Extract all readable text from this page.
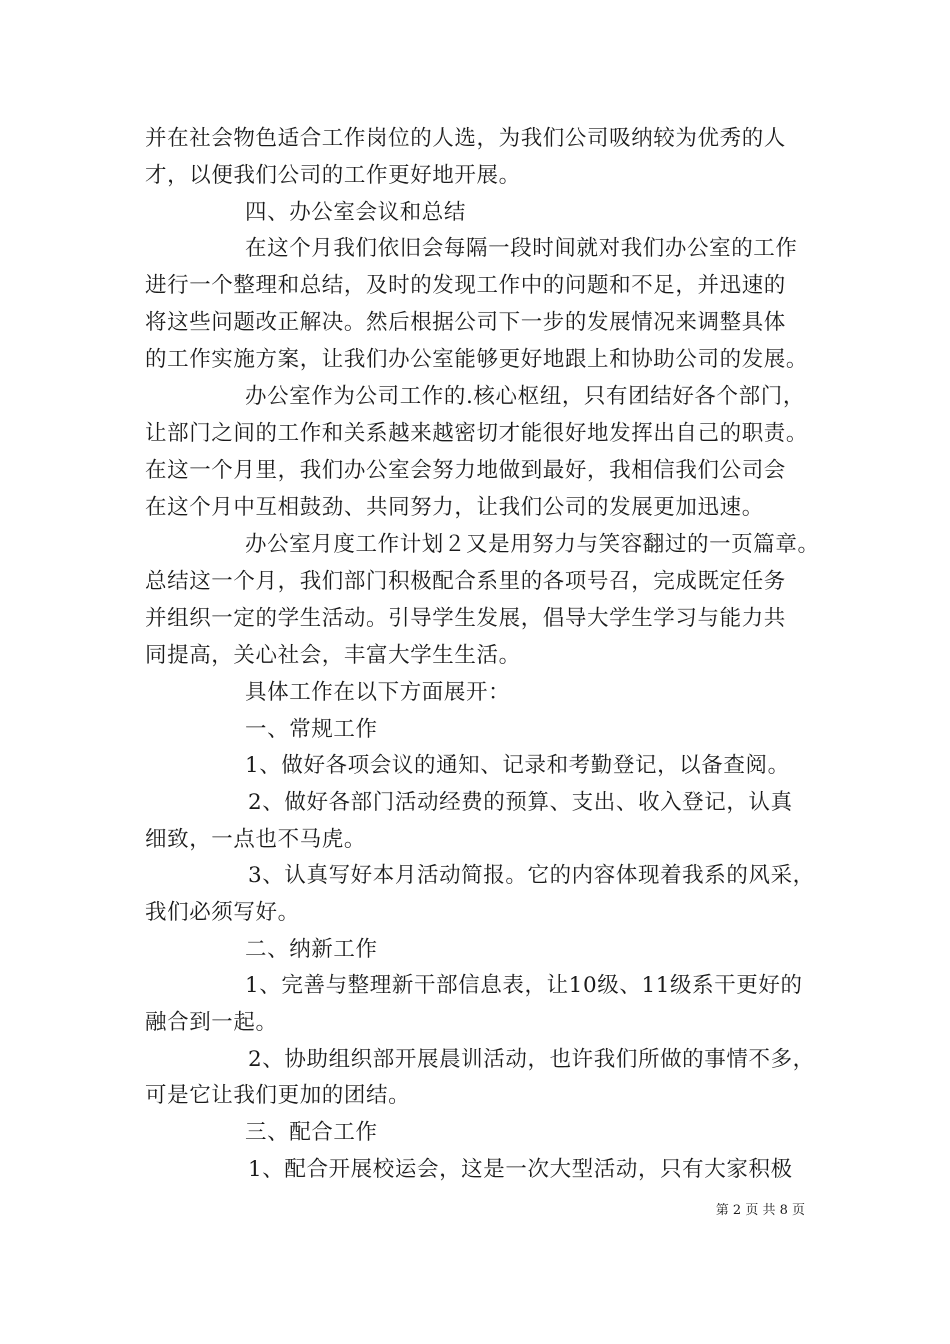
并在社会物色适合工作岗位的人选，为我们公司吸纳较为优秀的人
才，以便我们公司的工作更好地开展。
四、办公室会议和总结
在这个月我们依旧会每隔一段时间就对我们办公室的工作
进行一个整理和总结，及时的发现工作中的问题和不足，并迅速的
将这些问题改正解决。然后根据公司下一步的发展情况来调整具体
的工作实施方案，让我们办公室能够更好地跟上和协助公司的发展。
办公室作为公司工作的.核心枢纽，只有团结好各个部门，
让部门之间的工作和关系越来越密切才能很好地发挥出自己的职责。
在这一个月里，我们办公室会努力地做到最好，我相信我们公司会
在这个月中互相鼓劲、共同努力，让我们公司的发展更加迅速。
办公室月度工作计划２又是用努力与笑容翻过的一页篇章。
总结这一个月，我们部门积极配合系里的各项号召，完成既定任务
并组织一定的学生活动。引导学生发展，倡导大学生学习与能力共
同提高，关心社会，丰富大学生生活。
具体工作在以下方面展开：
一、常规工作
1、做好各项会议的通知、记录和考勤登记，以备查阅。
2、做好各部门活动经费的预算、支出、收入登记，认真
细致，一点也不马虎。
3、认真写好本月活动简报。它的内容体现着我系的风采，
我们必须写好。
二、纳新工作
1、完善与整理新干部信息表，让10级、11级系干更好的
融合到一起。
2、协助组织部开展晨训活动，也许我们所做的事情不多，
可是它让我们更加的团结。
三、配合工作
1、配合开展校运会，这是一次大型活动，只有大家积极
第 2 页 共 8 页
